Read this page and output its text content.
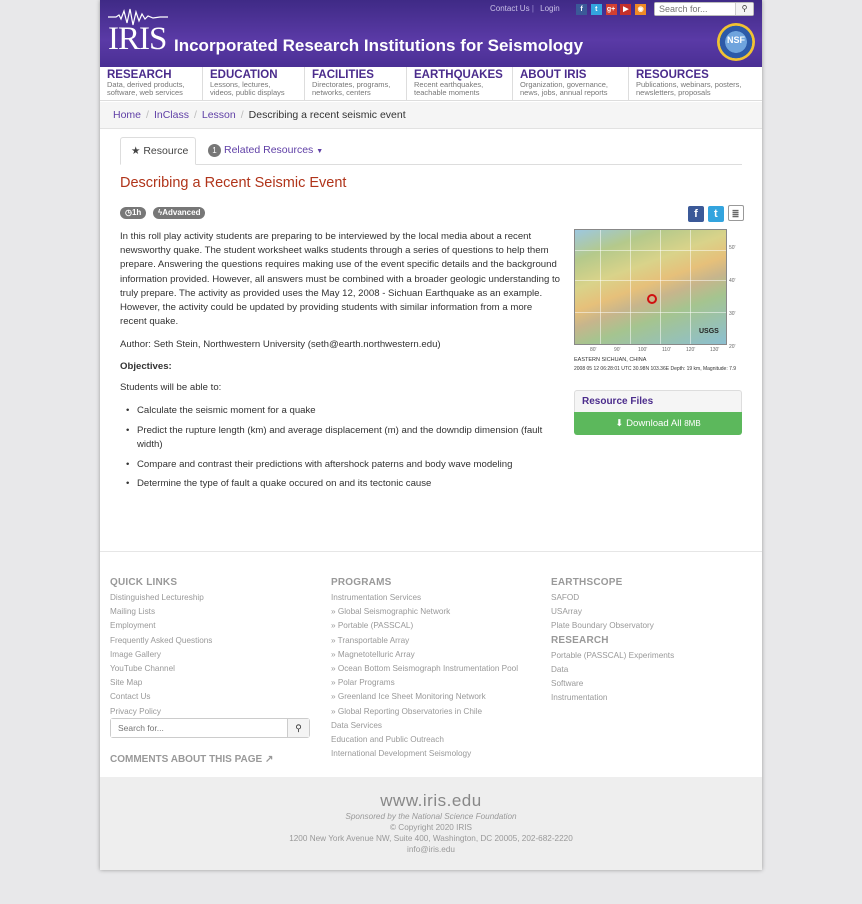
IRIS Incorporated Research Institutions for Seismology
Contact Us | Login	f t g+ ▶ ◉
Search for...	⚲
NSF
RESEARCH
Data, derived products,
software, web services
EDUCATION
Lessons, lectures,
videos, public displays
FACILITIES
Directorates, programs,
networks, centers
EARTHQUAKES
Recent earthquakes,
teachable moments
ABOUT IRIS
Organization, governance,
news, jobs, annual reports
RESOURCES
Publications, webinars, posters,
newsletters, proposals
Home / InClass / Lesson / Describing a recent seismic event
★ Resource	1 Related Resources ▼
Describing a Recent Seismic Event
◷1h	ϟAdvanced	f t ≣
In this roll play activity students are preparing to be interviewed by the local media about a recent newsworthy quake. The student worksheet walks students through a series of questions to help them prepare. Answering the questions requires making use of the event specific details and the background information provided. However, all answers must be combined with a broader geologic understanding to truly prepare. The activity as provided uses the May 12, 2008 - Sichuan Earthquake as an example. However, the activity could be updated by providing students with similar information from a more recent quake.
Author: Seth Stein, Northwestern University (seth@earth.northwestern.edu)
Objectives:
Students will be able to:
• Calculate the seismic moment for a quake
• Predict the rupture length (km) and average displacement (m) and the downdip dimension (fault width)
• Compare and contrast their predictions with aftershock paterns and body wave modeling
• Determine the type of fault a quake occured on and its tectonic cause
USGS
50'
40'
30'
20'
80'	90'	100'	110'	120'	130'
EASTERN SICHUAN, CHINA
2008 05 12 06:28:01 UTC 30.98N 103.36E Depth: 19 km, Magnitude: 7.9
Resource Files
⬇ Download All 8MB
QUICK LINKS
Distinguished Lectureship
Mailing Lists
Employment
Frequently Asked Questions
Image Gallery
YouTube Channel
Site Map
Contact Us
Privacy Policy
Search for...
⚲
COMMENTS ABOUT THIS PAGE ↗
PROGRAMS
Instrumentation Services
» Global Seismographic Network
» Portable (PASSCAL)
» Transportable Array
» Magnetotelluric Array
» Ocean Bottom Seismograph Instrumentation Pool
» Polar Programs
» Greenland Ice Sheet Monitoring Network
» Global Reporting Observatories in Chile
Data Services
Education and Public Outreach
International Development Seismology
EARTHSCOPE
SAFOD
USArray
Plate Boundary Observatory
RESEARCH
Portable (PASSCAL) Experiments
Data
Software
Instrumentation
www.iris.edu
Sponsored by the National Science Foundation
© Copyright 2020 IRIS
1200 New York Avenue NW, Suite 400, Washington, DC 20005, 202-682-2220
info@iris.edu
